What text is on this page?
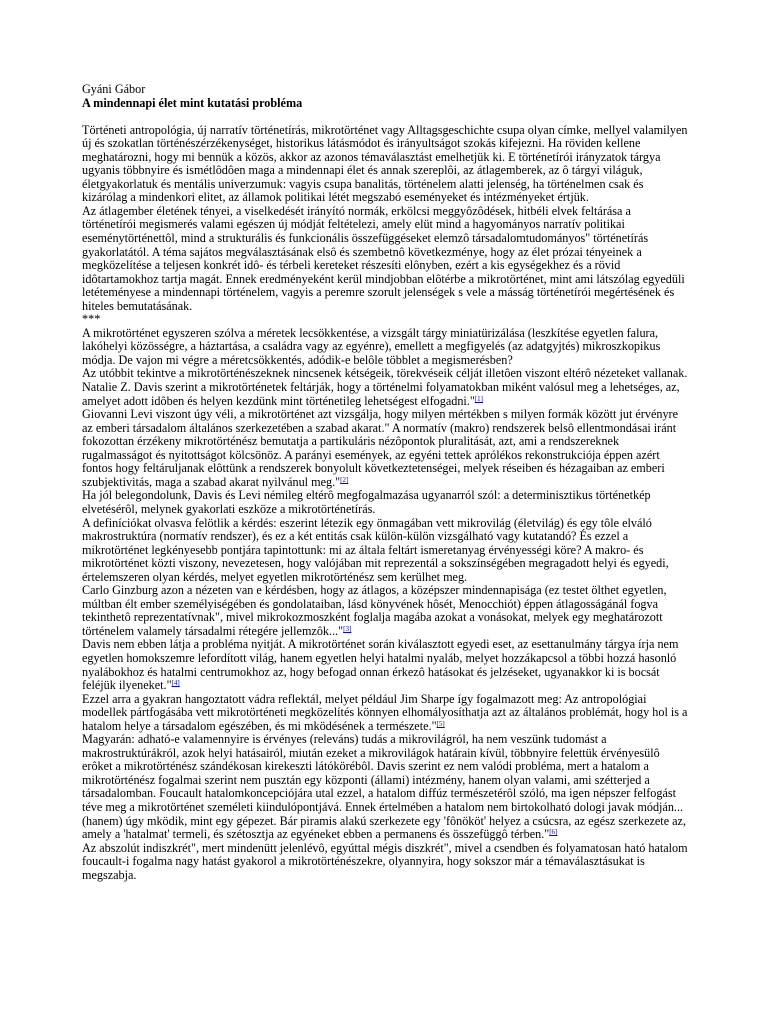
Gyáni Gábor

A mindennapi élet mint kutatási probléma

Történeti antropológia, új narratív történetírás, mikrotörténet vagy Alltagsgeschichte csupa olyan címke, mellyel valamilyen új és szokatlan történészérzékenységet, historikus látásmódot és irányultságot szokás kifejezni. Ha röviden kellene meghatározni, hogy mi bennük a közös, akkor az azonos témaválasztást emelhetjük ki. E történetírói irányzatok tárgya ugyanis többnyire és ismétlôdôen maga a mindennapi élet és annak szereplôi, az átlagemberek, az ô tárgyi világuk, életgyakorlatuk és mentális univerzumuk: vagyis csupa banalitás, történelem alatti jelenség, ha történelmen csak és kizárólag a mindenkori elitet, az államok politikai létét megszabó eseményeket és intézményeket értjük.

Az átlagember életének tényei, a viselkedését irányító normák, erkölcsi meggyôzôdések, hitbéli elvek feltárása a történetírói megismerés valami egészen új módját feltételezi, amely elüt mind a hagyományos narratív politikai eseménytörténettôl, mind a strukturális és funkcionális összefüggéseket elemzô társadalomtudományos" történetírás gyakorlatától. A téma sajátos megválasztásának elsô és szembetnô következménye, hogy az élet prózai tényeinek a megközelítése a teljesen konkrét idô- és térbeli kereteket részesíti elônyben, ezért a kis egységekhez és a rövid idôtartamokhoz tartja magát. Ennek eredményeként kerül mindjobban elôtérbe a mikrotörténet, mint ami látszólag egyedüli letéteményese a mindennapi történelem, vagyis a peremre szorult jelenségek s vele a másság történetírói megértésének és hiteles bemutatásának.

***

A mikrotörténet egyszeren szólva a méretek lecsökkentése, a vizsgált tárgy miniatürizálása (leszkítése egyetlen falura, lakóhelyi közösségre, a háztartása, a családra vagy az egyénre), emellett a megfigyelés (az adatgyjtés) mikroszkopikus módja. De vajon mi végre a méretcsökkentés, adódik-e belôle többlet a megismerésben?

Az utóbbit tekintve a mikrotörténészeknek nincsenek kétségeik, törekvéseik célját illetôen viszont eltérô nézeteket vallanak. Natalie Z. Davis szerint a mikrotörténetek feltárják, hogy a történelmi folyamatokban miként valósul meg a lehetséges, az, amelyet adott idôben és helyen kezdünk mint történetileg lehetségest elfogadni."[1]

Giovanni Levi viszont úgy véli, a mikrotörténet azt vizsgálja, hogy milyen mértékben s milyen formák között jut érvényre az emberi társadalom általános szerkezetében a szabad akarat." A normatív (makro) rendszerek belsô ellentmondásai iránt fokozottan érzékeny mikrotörténész bemutatja a partikuláris nézôpontok pluralitását, azt, ami a rendszereknek rugalmasságot és nyitottságot kölcsönöz. A parányi események, az egyéni tettek aprólékos rekonstrukciója éppen azért fontos hogy feltáruljanak elôttünk a rendszerek bonyolult következtetenségei, melyek réseiben és hézagaiban az emberi szubjektivitás, maga a szabad akarat nyilvánul meg."[2]

Ha jól belegondolunk, Davis és Levi némileg eltérô megfogalmazása ugyanarról szól: a determinisztikus történetkép elvetésérôl, melynek gyakorlati eszköze a mikrotörténetírás.

A definíciókat olvasva felötlik a kérdés: eszerint létezik egy önmagában vett mikrovilág (életvilág) és egy tôle elváló makrostruktúra (normatív rendszer), és ez a két entitás csak külön-külön vizsgálható vagy kutatandó? És ezzel a mikrotörténet legkényesebb pontjára tapintottunk: mi az általa feltárt ismeretanyag érvényességi köre? A makro- és mikrotörténet közti viszony, nevezetesen, hogy valójában mit reprezentál a sokszínségében megragadott helyi és egyedi, értelemszeren olyan kérdés, melyet egyetlen mikrotörténész sem kerülhet meg.

Carlo Ginzburg azon a nézeten van e kérdésben, hogy az átlagos, a középszer mindennapisága (ez testet ölthet egyetlen, múltban élt ember személyiségében és gondolataiban, lásd könyvének hôsét, Menocchiót) éppen átlagosságánál fogva tekinthetô reprezentatívnak", mivel mikrokozmoszként foglalja magába azokat a vonásokat, melyek egy meghatározott történelem valamely társadalmi rétegére jellemzôk..."[3]

Davis nem ebben látja a probléma nyitját. A mikrotörténet során kiválasztott egyedi eset, az esettanulmány tárgya írja nem egyetlen homokszemre lefordított világ, hanem egyetlen helyi hatalmi nyaláb, melyet hozzákapcsol a többi hozzá hasonló nyalábokhoz és hatalmi centrumokhoz az, hogy befogad onnan érkezô hatásokat és jelzéseket, ugyanakkor ki is bocsát feléjük ilyeneket."[4]

Ezzel arra a gyakran hangoztatott vádra reflektál, melyet például Jim Sharpe így fogalmazott meg: Az antropológiai modellek pártfogásába vett mikrotörténeti megközelítés könnyen elhomályosíthatja azt az általános problémát, hogy hol is a hatalom helye a társadalom egészében, és mi mködésének a természete."[5]

Magyarán: adható-e valamennyire is érvényes (releváns) tudás a mikrovilágról, ha nem veszünk tudomást a makrostruktúrákról, azok helyi hatásairól, miután ezeket a mikrovilágok határain kívül, többnyire felettük érvényesülô erôket a mikrotörténész szándékosan kirekeszti látókörébôl. Davis szerint ez nem valódi probléma, mert a hatalom a mikrotörténész fogalmai szerint nem pusztán egy központi (állami) intézmény, hanem olyan valami, ami szétterjed a társadalomban. Foucault hatalomkoncepciójára utal ezzel, a hatalom diffúz természetérôl szóló, ma igen népszer felfogást téve meg a mikrotörténet személeti kiindulópontjává. Ennek értelmében a hatalom nem birtokolható dologi javak módján... (hanem) úgy mködik, mint egy gépezet. Bár piramis alakú szerkezete egy 'fônököt' helyez a csúcsra, az egész szerkezete az, amely a 'hatalmat' termeli, és szétosztja az egyéneket ebben a permanens és összefüggô térben."[6]

Az abszolút indiszkrét", mert mindenütt jelenlévô, egyúttal mégis diszkrét", mivel a csendben és folyamatosan ható hatalom foucault-i fogalma nagy hatást gyakorol a mikrotörténészekre, olyannyira, hogy sokszor már a témaválasztásukat is megszabja.
